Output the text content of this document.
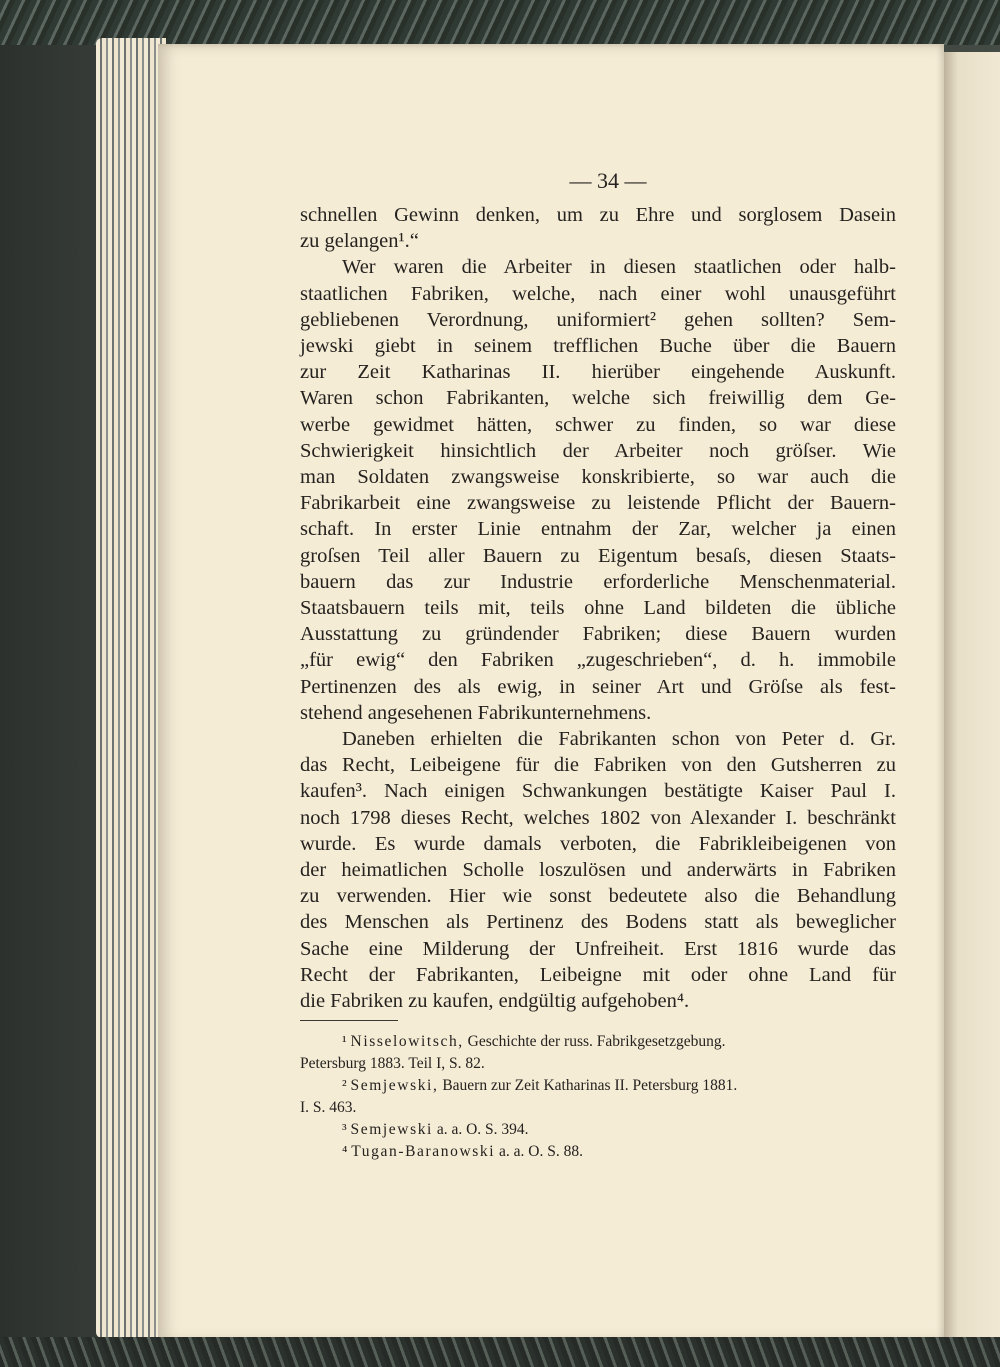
— 34 —
schnellen Gewinn denken, um zu Ehre und sorglosem Dasein
zu gelangen¹.“
Wer waren die Arbeiter in diesen staatlichen oder halb-
staatlichen Fabriken, welche, nach einer wohl unausgeführt
gebliebenen Verordnung, uniformiert² gehen sollten? Sem-
jewski giebt in seinem trefflichen Buche über die Bauern
zur Zeit Katharinas II. hierüber eingehende Auskunft.
Waren schon Fabrikanten, welche sich freiwillig dem Ge-
werbe gewidmet hätten, schwer zu finden, so war diese
Schwierigkeit hinsichtlich der Arbeiter noch gröſser. Wie
man Soldaten zwangsweise konskribierte, so war auch die
Fabrikarbeit eine zwangsweise zu leistende Pflicht der Bauern-
schaft. In erster Linie entnahm der Zar, welcher ja einen
groſsen Teil aller Bauern zu Eigentum besaſs, diesen Staats-
bauern das zur Industrie erforderliche Menschenmaterial.
Staatsbauern teils mit, teils ohne Land bildeten die übliche
Ausstattung zu gründender Fabriken; diese Bauern wurden
„für ewig“ den Fabriken „zugeschrieben“, d. h. immobile
Pertinenzen des als ewig, in seiner Art und Gröſse als fest-
stehend angesehenen Fabrikunternehmens.
Daneben erhielten die Fabrikanten schon von Peter d. Gr.
das Recht, Leibeigene für die Fabriken von den Gutsherren zu
kaufen³. Nach einigen Schwankungen bestätigte Kaiser Paul I.
noch 1798 dieses Recht, welches 1802 von Alexander I. beschränkt
wurde. Es wurde damals verboten, die Fabrikleibeigenen von
der heimatlichen Scholle loszulösen und anderwärts in Fabriken
zu verwenden. Hier wie sonst bedeutete also die Behandlung
des Menschen als Pertinenz des Bodens statt als beweglicher
Sache eine Milderung der Unfreiheit. Erst 1816 wurde das
Recht der Fabrikanten, Leibeigne mit oder ohne Land für
die Fabriken zu kaufen, endgültig aufgehoben⁴.
¹ Nisselowitsch, Geschichte der russ. Fabrikgesetzgebung.
Petersburg 1883. Teil I, S. 82.
² Semjewski, Bauern zur Zeit Katharinas II. Petersburg 1881.
I. S. 463.
³ Semjewski a. a. O. S. 394.
⁴ Tugan-Baranowski a. a. O. S. 88.
